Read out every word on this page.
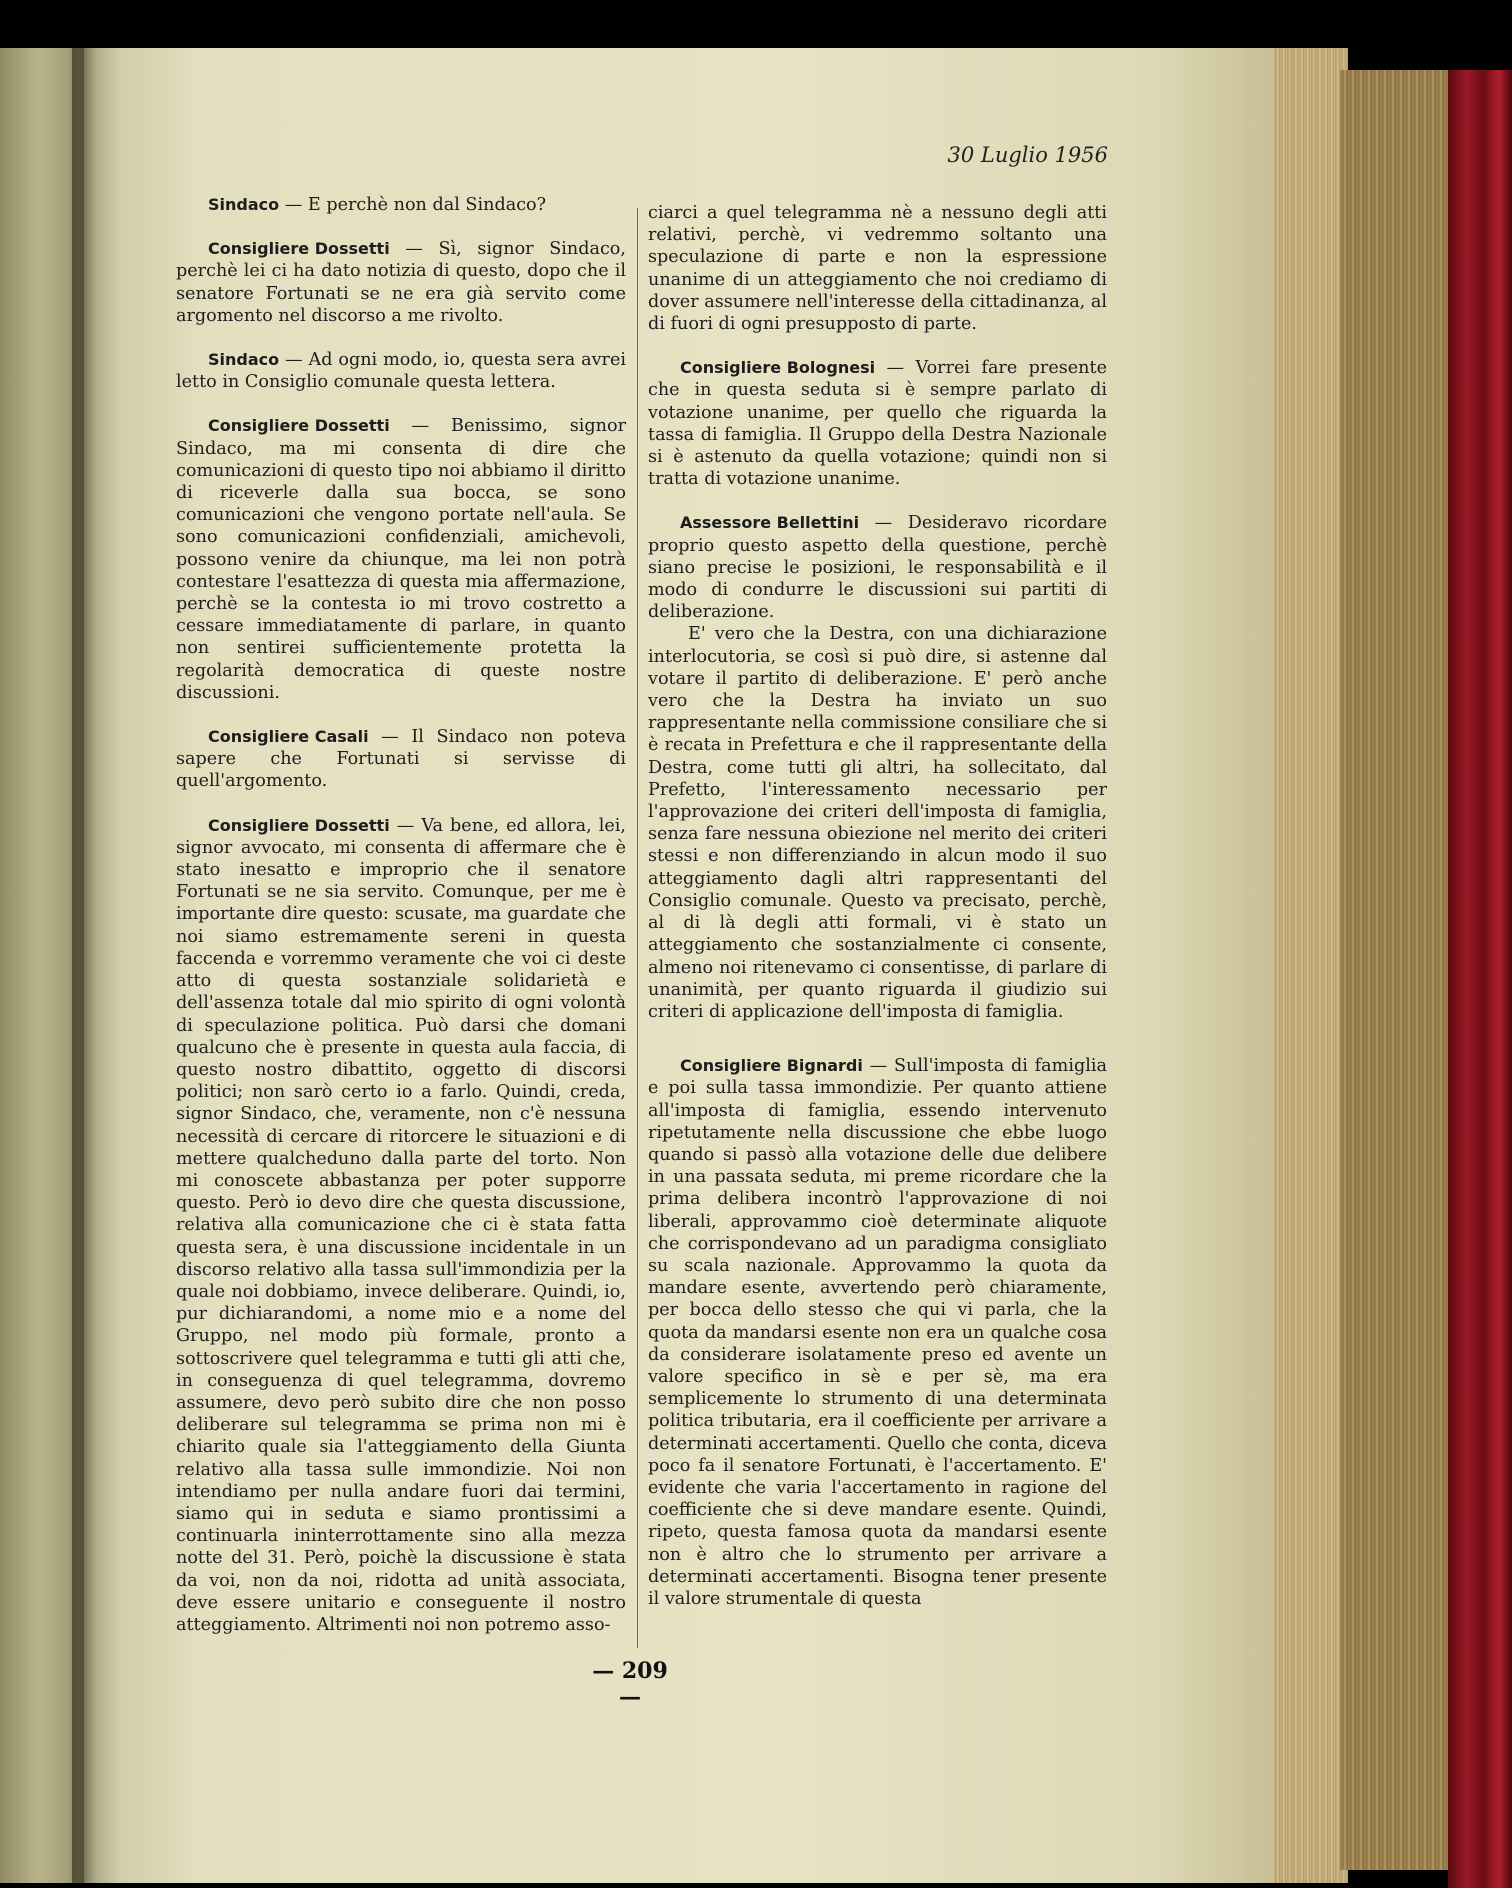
30 Luglio 1956

Sindaco — E perchè non dal Sindaco?

Consigliere Dossetti — Sì, signor Sindaco, perchè lei ci ha dato notizia di questo, dopo che il senatore Fortunati se ne era già servito come argomento nel discorso a me rivolto.

Sindaco — Ad ogni modo, io, questa sera avrei letto in Consiglio comunale questa lettera.

Consigliere Dossetti — Benissimo, signor Sindaco, ma mi consenta di dire che comunicazioni di questo tipo noi abbiamo il diritto di riceverle dalla sua bocca, se sono comunicazioni che vengono portate nell'aula. Se sono comunicazioni confidenziali, amichevoli, possono venire da chiunque, ma lei non potrà contestare l'esattezza di questa mia affermazione, perchè se la contesta io mi trovo costretto a cessare immediatamente di parlare, in quanto non sentirei sufficientemente protetta la regolarità democratica di queste nostre discussioni.

Consigliere Casali — Il Sindaco non poteva sapere che Fortunati si servisse di quell'argomento.

Consigliere Dossetti — Va bene, ed allora, lei, signor avvocato, mi consenta di affermare che è stato inesatto e improprio che il senatore Fortunati se ne sia servito. Comunque, per me è importante dire questo: scusate, ma guardate che noi siamo estremamente sereni in questa faccenda e vorremmo veramente che voi ci deste atto di questa sostanziale solidarietà e dell'assenza totale dal mio spirito di ogni volontà di speculazione politica. Può darsi che domani qualcuno che è presente in questa aula faccia, di questo nostro dibattito, oggetto di discorsi politici; non sarò certo io a farlo. Quindi, creda, signor Sindaco, che, veramente, non c'è nessuna necessità di cercare di ritorcere le situazioni e di mettere qualcheduno dalla parte del torto. Non mi conoscete abbastanza per poter supporre questo. Però io devo dire che questa discussione, relativa alla comunicazione che ci è stata fatta questa sera, è una discussione incidentale in un discorso relativo alla tassa sull'immondizia per la quale noi dobbiamo, invece deliberare. Quindi, io, pur dichiarandomi, a nome mio e a nome del Gruppo, nel modo più formale, pronto a sottoscrivere quel telegramma e tutti gli atti che, in conseguenza di quel telegramma, dovremo assumere, devo però subito dire che non posso deliberare sul telegramma se prima non mi è chiarito quale sia l'atteggiamento della Giunta relativo alla tassa sulle immondizie. Noi non intendiamo per nulla andare fuori dai termini, siamo qui in seduta e siamo prontissimi a continuarla ininterrottamente sino alla mezza notte del 31. Però, poichè la discussione è stata da voi, non da noi, ridotta ad unità associata, deve essere unitario e conseguente il nostro atteggiamento. Altrimenti noi non potremo asso-

ciarci a quel telegramma nè a nessuno degli atti relativi, perchè, vi vedremmo soltanto una speculazione di parte e non la espressione unanime di un atteggiamento che noi crediamo di dover assumere nell'interesse della cittadinanza, al di fuori di ogni presupposto di parte.

Consigliere Bolognesi — Vorrei fare presente che in questa seduta si è sempre parlato di votazione unanime, per quello che riguarda la tassa di famiglia. Il Gruppo della Destra Nazionale si è astenuto da quella votazione; quindi non si tratta di votazione unanime.

Assessore Bellettini — Desideravo ricordare proprio questo aspetto della questione, perchè siano precise le posizioni, le responsabilità e il modo di condurre le discussioni sui partiti di deliberazione.

E' vero che la Destra, con una dichiarazione interlocutoria, se così si può dire, si astenne dal votare il partito di deliberazione. E' però anche vero che la Destra ha inviato un suo rappresentante nella commissione consiliare che si è recata in Prefettura e che il rappresentante della Destra, come tutti gli altri, ha sollecitato, dal Prefetto, l'interessamento necessario per l'approvazione dei criteri dell'imposta di famiglia, senza fare nessuna obiezione nel merito dei criteri stessi e non differenziando in alcun modo il suo atteggiamento dagli altri rappresentanti del Consiglio comunale. Questo va precisato, perchè, al di là degli atti formali, vi è stato un atteggiamento che sostanzialmente ci consente, almeno noi ritenevamo ci consentisse, di parlare di unanimità, per quanto riguarda il giudizio sui criteri di applicazione dell'imposta di famiglia.

Consigliere Bignardi — Sull'imposta di famiglia e poi sulla tassa immondizie. Per quanto attiene all'imposta di famiglia, essendo intervenuto ripetutamente nella discussione che ebbe luogo quando si passò alla votazione delle due delibere in una passata seduta, mi preme ricordare che la prima delibera incontrò l'approvazione di noi liberali, approvammo cioè determinate aliquote che corrispondevano ad un paradigma consigliato su scala nazionale. Approvammo la quota da mandare esente, avvertendo però chiaramente, per bocca dello stesso che qui vi parla, che la quota da mandarsi esente non era un qualche cosa da considerare isolatamente preso ed avente un valore specifico in sè e per sè, ma era semplicemente lo strumento di una determinata politica tributaria, era il coefficiente per arrivare a determinati accertamenti. Quello che conta, diceva poco fa il senatore Fortunati, è l'accertamento. E' evidente che varia l'accertamento in ragione del coefficiente che si deve mandare esente. Quindi, ripeto, questa famosa quota da mandarsi esente non è altro che lo strumento per arrivare a determinati accertamenti. Bisogna tener presente il valore strumentale di questa

— 209 —
